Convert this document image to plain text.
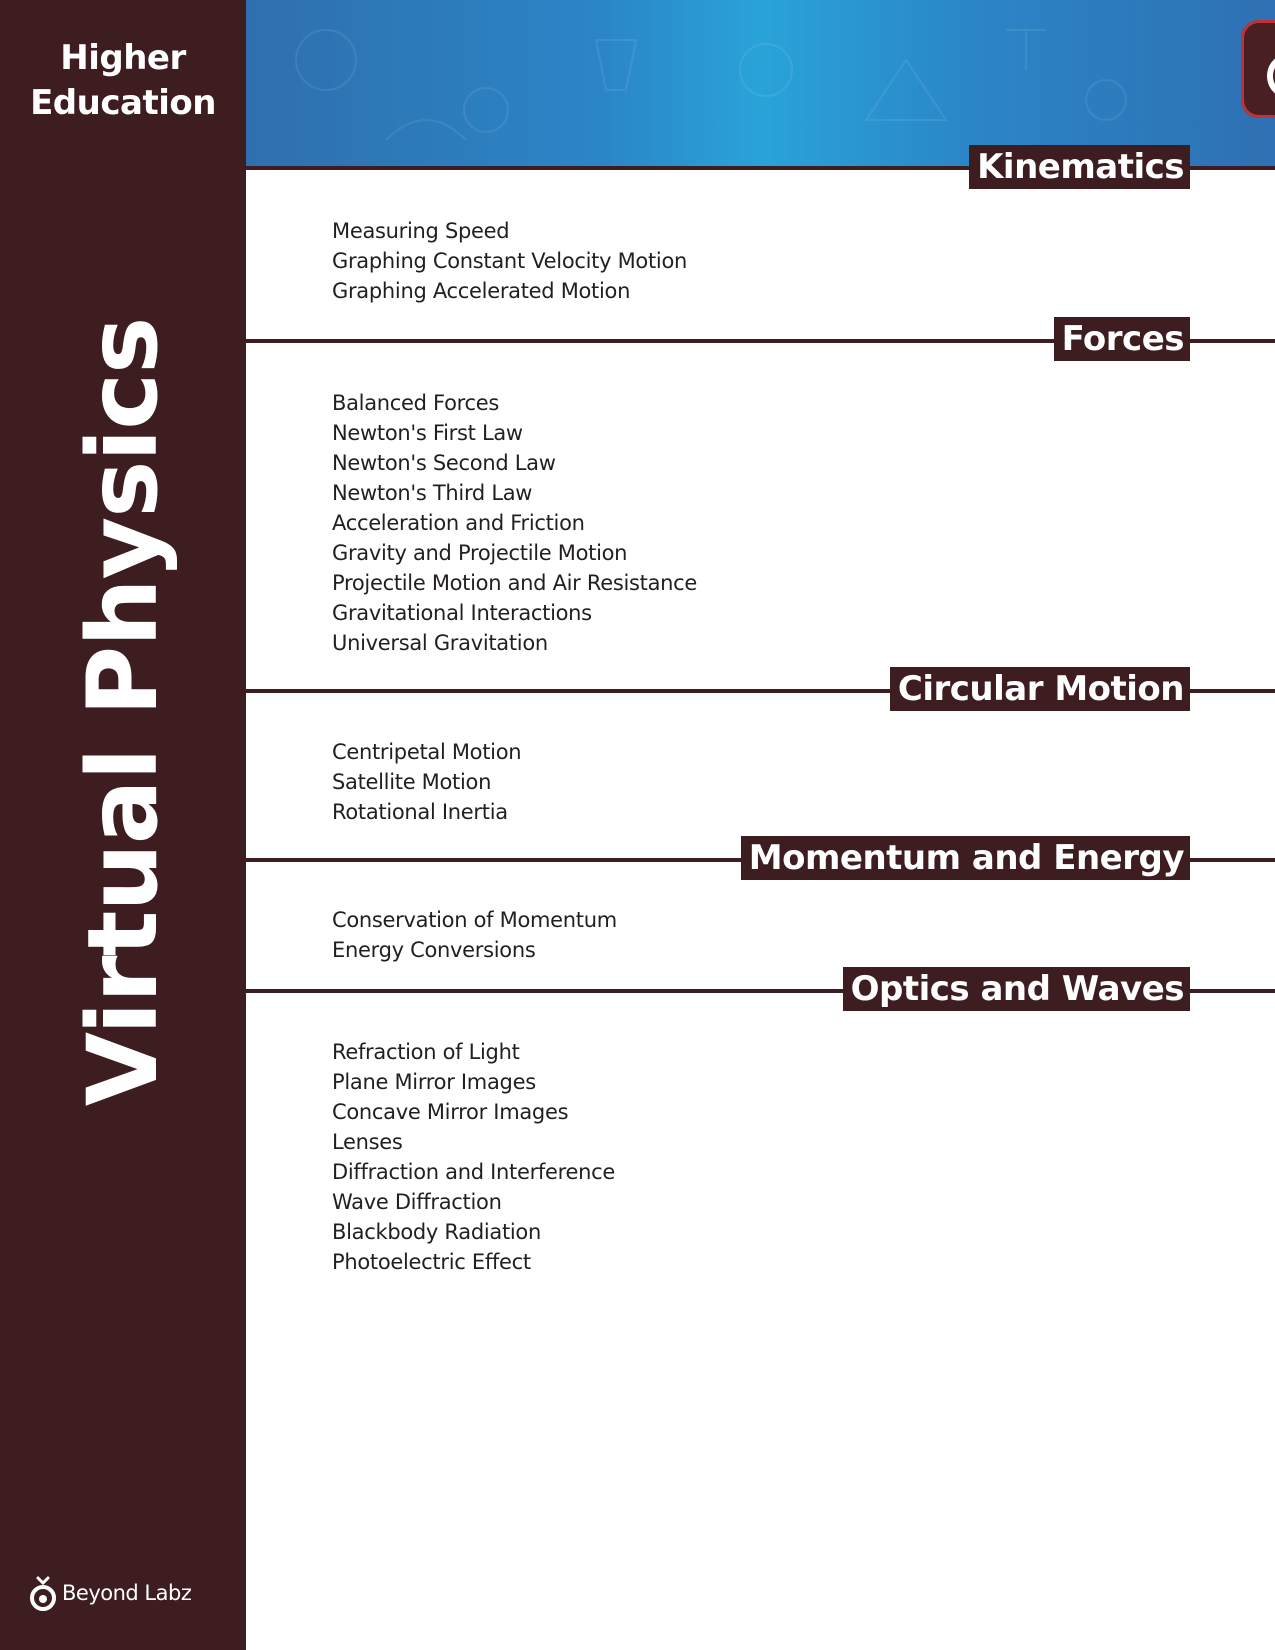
Higher
Education
Virtual Physics
Beyond Labz
Kinematics
Measuring Speed
Graphing Constant Velocity Motion
Graphing Accelerated Motion
Forces
Balanced Forces
Newton's First Law
Newton's Second Law
Newton's Third Law
Acceleration and Friction
Gravity and Projectile Motion
Projectile Motion and Air Resistance
Gravitational Interactions
Universal Gravitation
Circular Motion
Centripetal Motion
Satellite Motion
Rotational Inertia
Momentum and Energy
Conservation of Momentum
Energy Conversions
Optics and Waves
Refraction of Light
Plane Mirror Images
Concave Mirror Images
Lenses
Diffraction and Interference
Wave Diffraction
Blackbody Radiation
Photoelectric Effect
